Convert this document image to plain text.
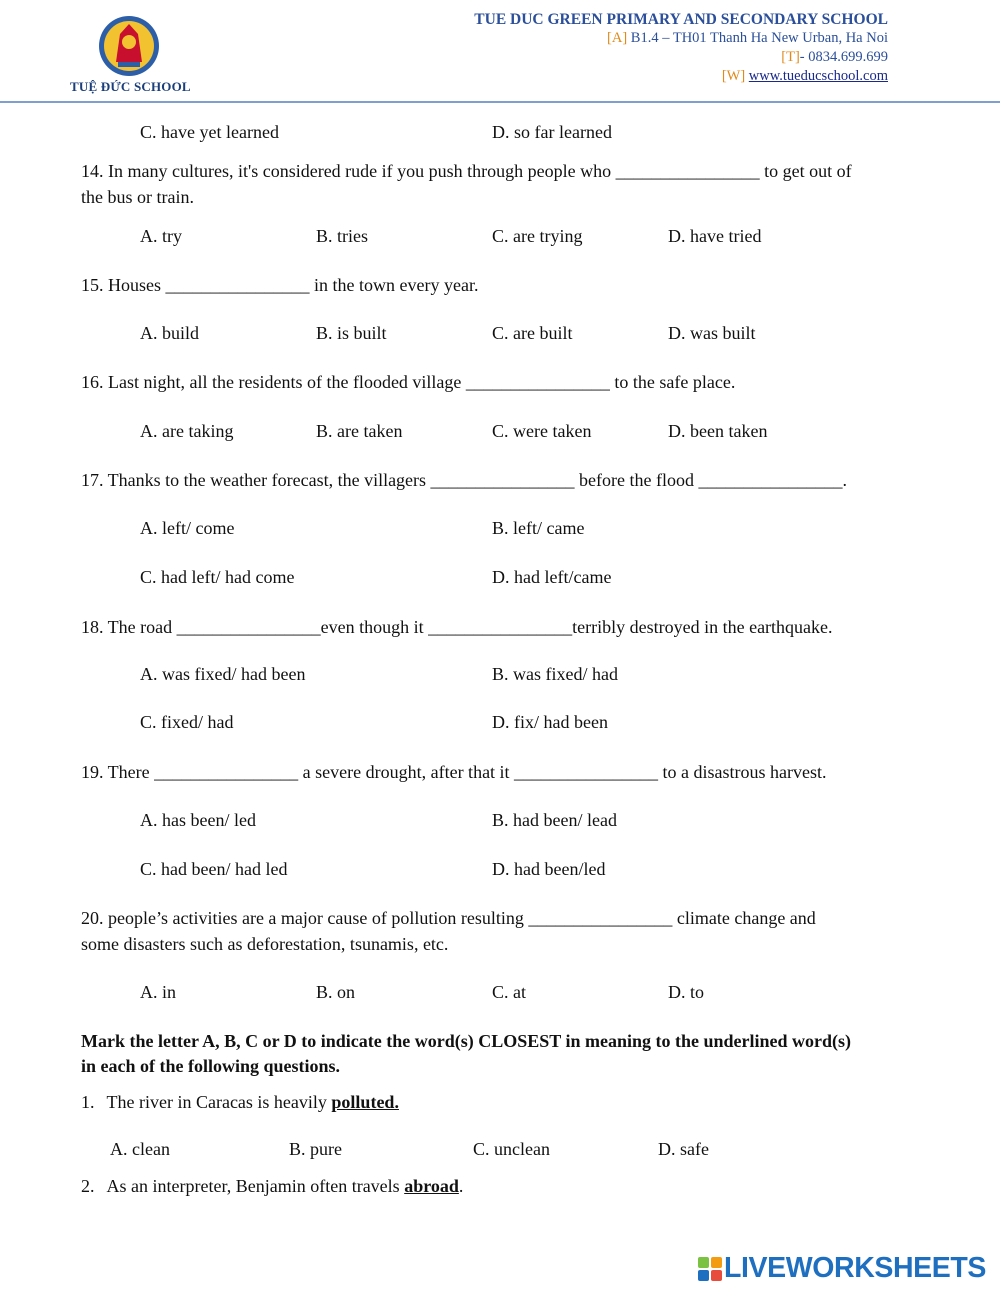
TUỆ ĐỨC SCHOOL
TUE DUC GREEN PRIMARY AND SECONDARY SCHOOL
[A] B1.4 – TH01 Thanh Ha New Urban, Ha Noi
[T]- 0834.699.699
[W] www.tueducschool.com
C. have yet learned	D. so far learned
14. In many cultures, it's considered rude if you push through people who ________________ to get out of
the bus or train.
A. try	B. tries	C. are trying	D. have tried
15. Houses ________________ in the town every year.
A. build	B. is built	C. are built	D. was built
16. Last night, all the residents of the flooded village ________________ to the safe place.
A. are taking	B. are taken	C. were taken	D. been taken
17. Thanks to the weather forecast, the villagers ________________ before the flood ________________.
A. left/ come	B. left/ came
C. had left/ had come	D. had left/came
18. The road ________________even though it ________________terribly destroyed in the earthquake.
A. was fixed/ had been	B. was fixed/ had
C. fixed/ had	D. fix/ had been
19. There ________________ a severe drought, after that it ________________ to a disastrous harvest.
A. has been/ led	B. had been/ lead
C. had been/ had led	D. had been/led
20. people’s activities are a major cause of pollution resulting ________________ climate change and
some disasters such as deforestation, tsunamis, etc.
A. in	B. on	C. at	D. to
Mark the letter A, B, C or D to indicate the word(s) CLOSEST in meaning to the underlined word(s)
in each of the following questions.
1. The river in Caracas is heavily polluted.
A. clean	B. pure	C. unclean	D. safe
2. As an interpreter, Benjamin often travels abroad.
LIVEWORKSHEETS
